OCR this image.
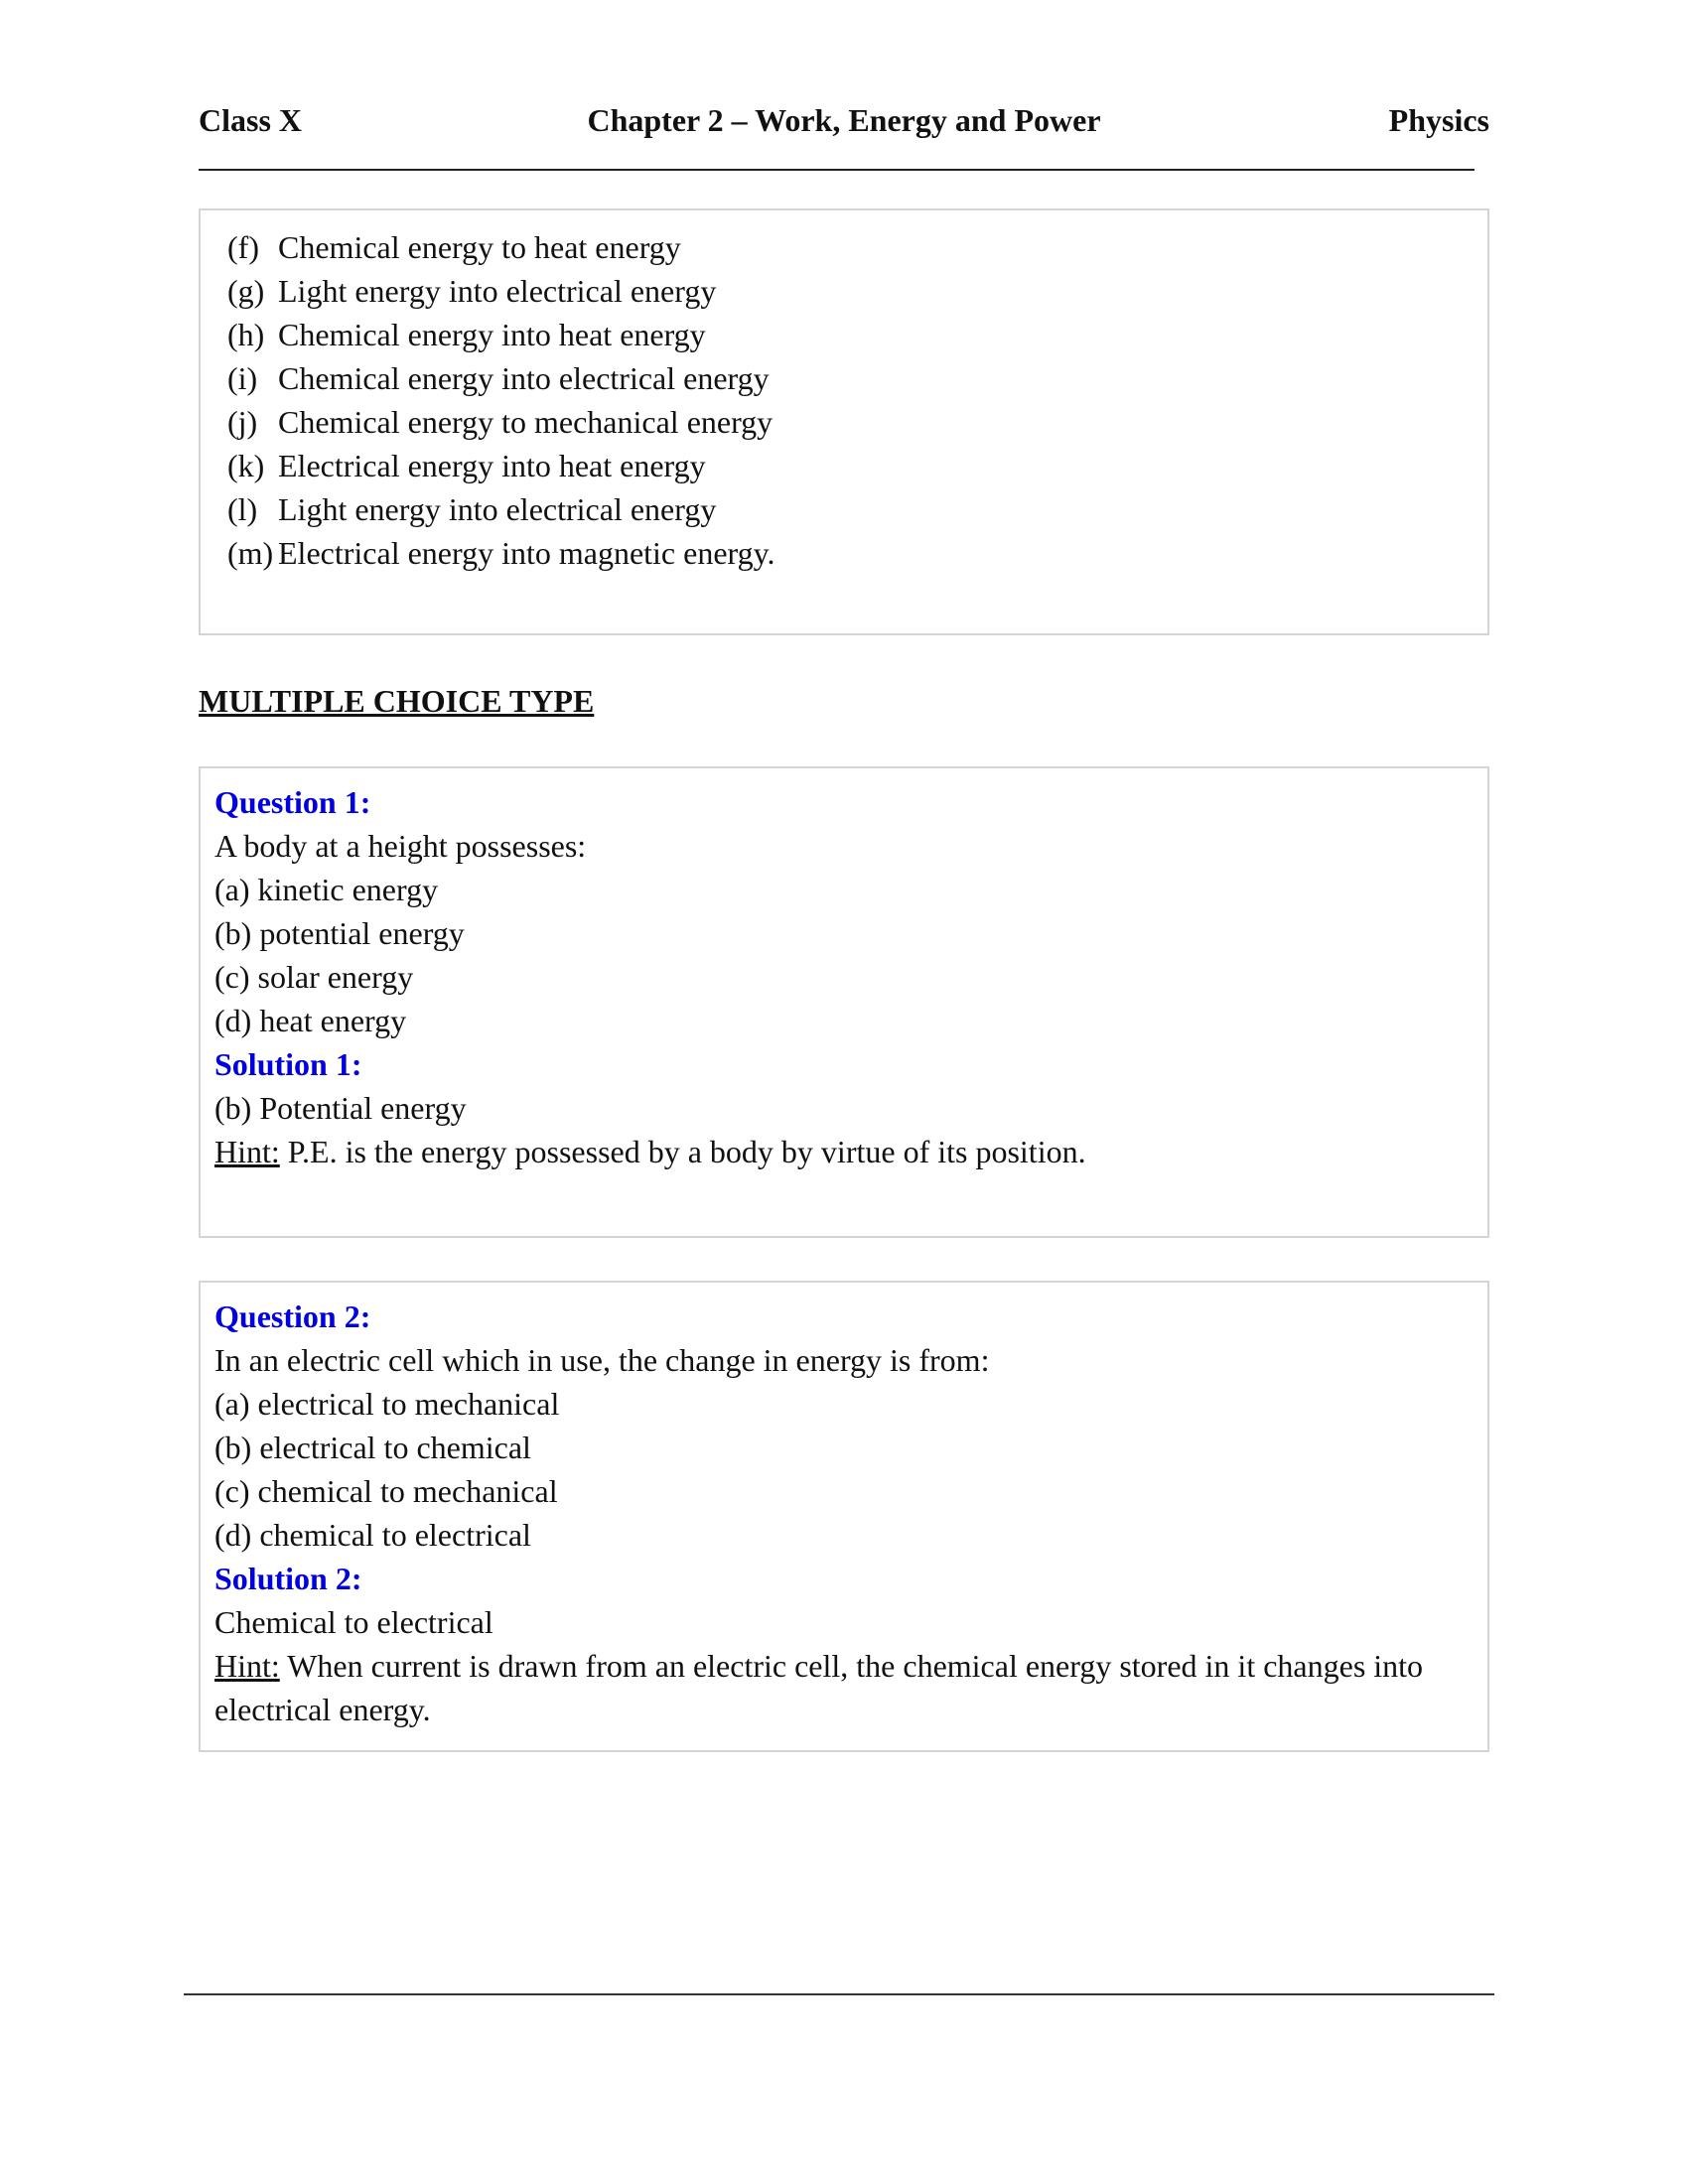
Chapter 2 – Work, Energy and Power
Class X	Physics
(f) Chemical energy to heat energy
(g) Light energy into electrical energy
(h) Chemical energy into heat energy
(i) Chemical energy into electrical energy
(j) Chemical energy to mechanical energy
(k) Electrical energy into heat energy
(l) Light energy into electrical energy
(m) Electrical energy into magnetic energy.
MULTIPLE CHOICE TYPE
Question 1:
A body at a height possesses:
(a) kinetic energy
(b) potential energy
(c) solar energy
(d) heat energy
Solution 1:
(b) Potential energy
Hint: P.E. is the energy possessed by a body by virtue of its position.
Question 2:
In an electric cell which in use, the change in energy is from:
(a) electrical to mechanical
(b) electrical to chemical
(c) chemical to mechanical
(d) chemical to electrical
Solution 2:
Chemical to electrical
Hint: When current is drawn from an electric cell, the chemical energy stored in it changes into electrical energy.
